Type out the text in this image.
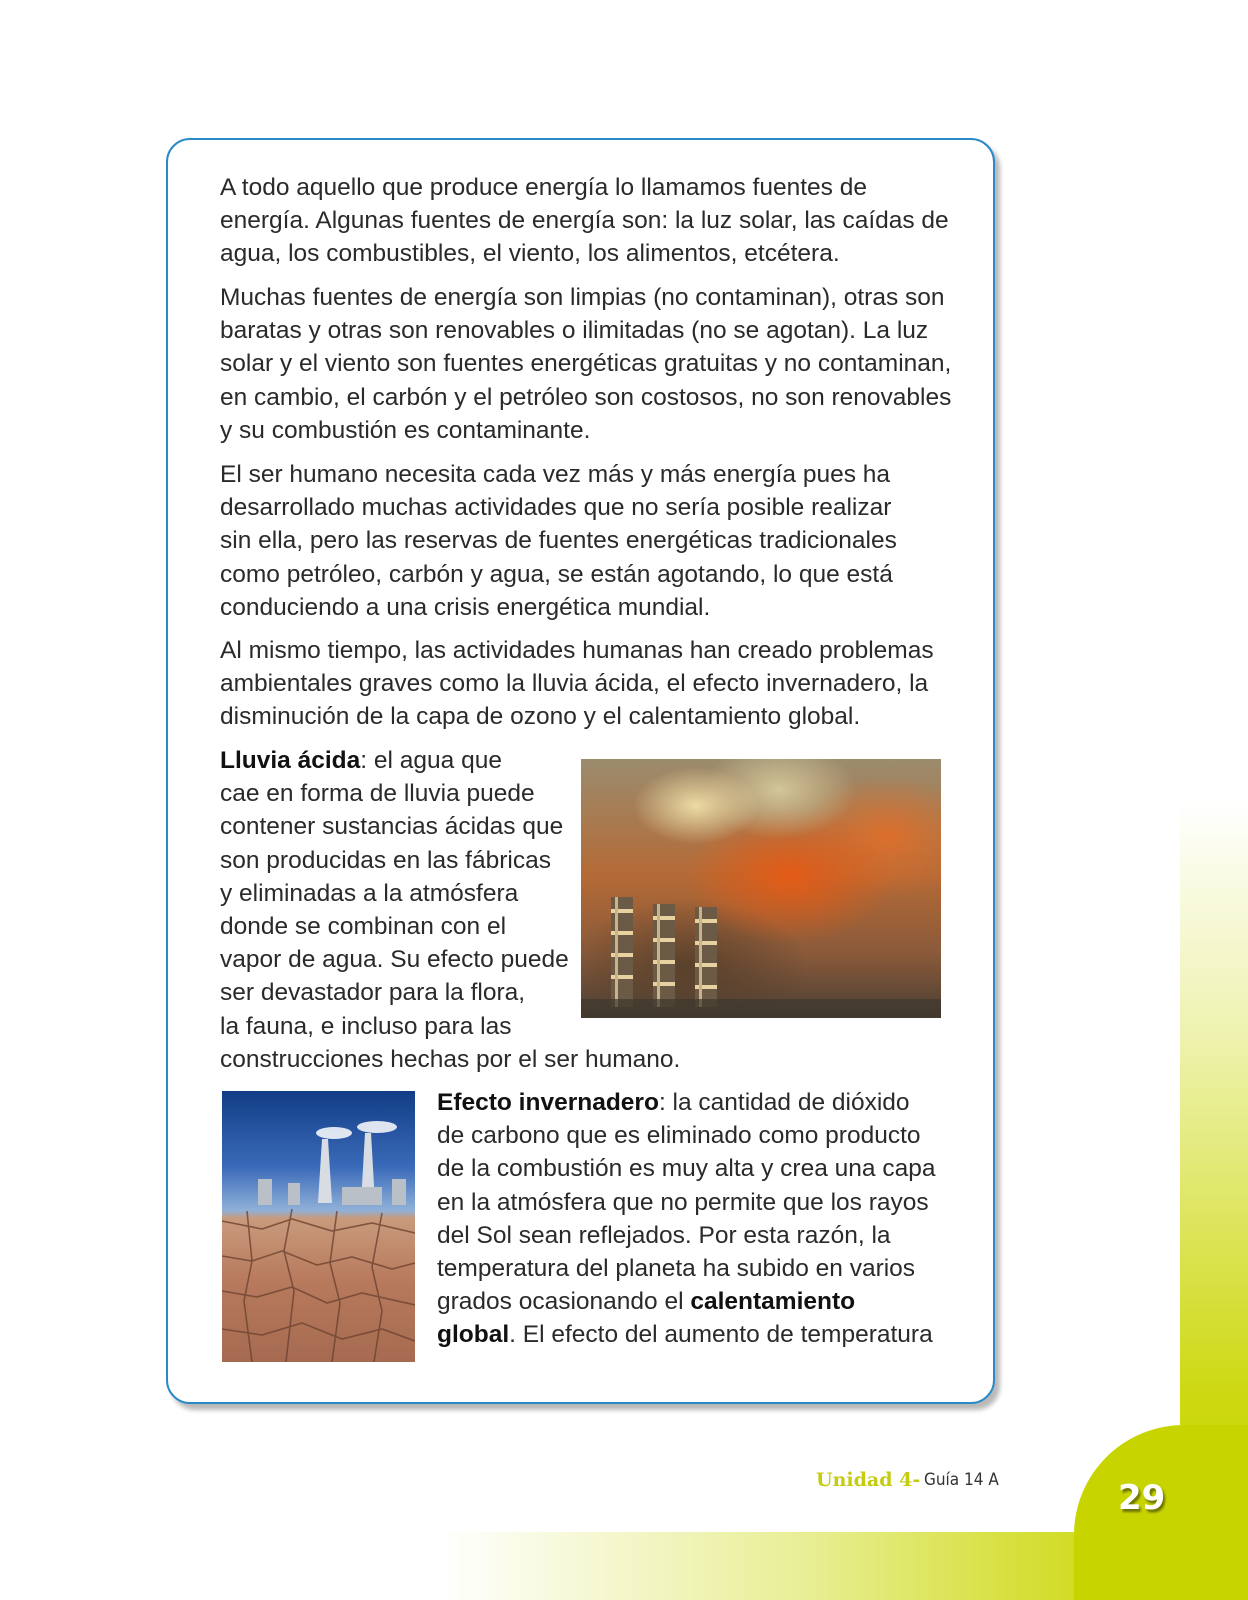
29
Unidad 4- Guía 14 A
A todo aquello que produce energía lo llamamos fuentes de
energía. Algunas fuentes de energía son: la luz solar, las caídas de
agua, los combustibles, el viento, los alimentos, etcétera.
Muchas fuentes de energía son limpias (no contaminan), otras son
baratas y otras son renovables o ilimitadas (no se agotan). La luz
solar y el viento son fuentes energéticas gratuitas y no contaminan,
en cambio, el carbón y el petróleo son costosos, no son renovables
y su combustión es contaminante.
El ser humano necesita cada vez más y más energía pues ha
desarrollado muchas actividades que no sería posible realizar
sin ella, pero las reservas de fuentes energéticas tradicionales
como petróleo, carbón y agua, se están agotando, lo que está
conduciendo a una crisis energética mundial.
Al mismo tiempo, las actividades humanas han creado problemas
ambientales graves como la lluvia ácida, el efecto invernadero, la
disminución de la capa de ozono y el calentamiento global.
Lluvia ácida: el agua que
cae en forma de lluvia puede
contener sustancias ácidas que
son producidas en las fábricas
y eliminadas a la atmósfera
donde se combinan con el
vapor de agua. Su efecto puede
ser devastador para la flora,
la fauna, e incluso para las
construcciones hechas por el ser humano.
Efecto invernadero: la cantidad de dióxido
de carbono que es eliminado como producto
de la combustión es muy alta y crea una capa
en la atmósfera que no permite que los rayos
del Sol sean reflejados. Por esta razón, la
temperatura del planeta ha subido en varios
grados ocasionando el calentamiento
global. El efecto del aumento de temperatura
